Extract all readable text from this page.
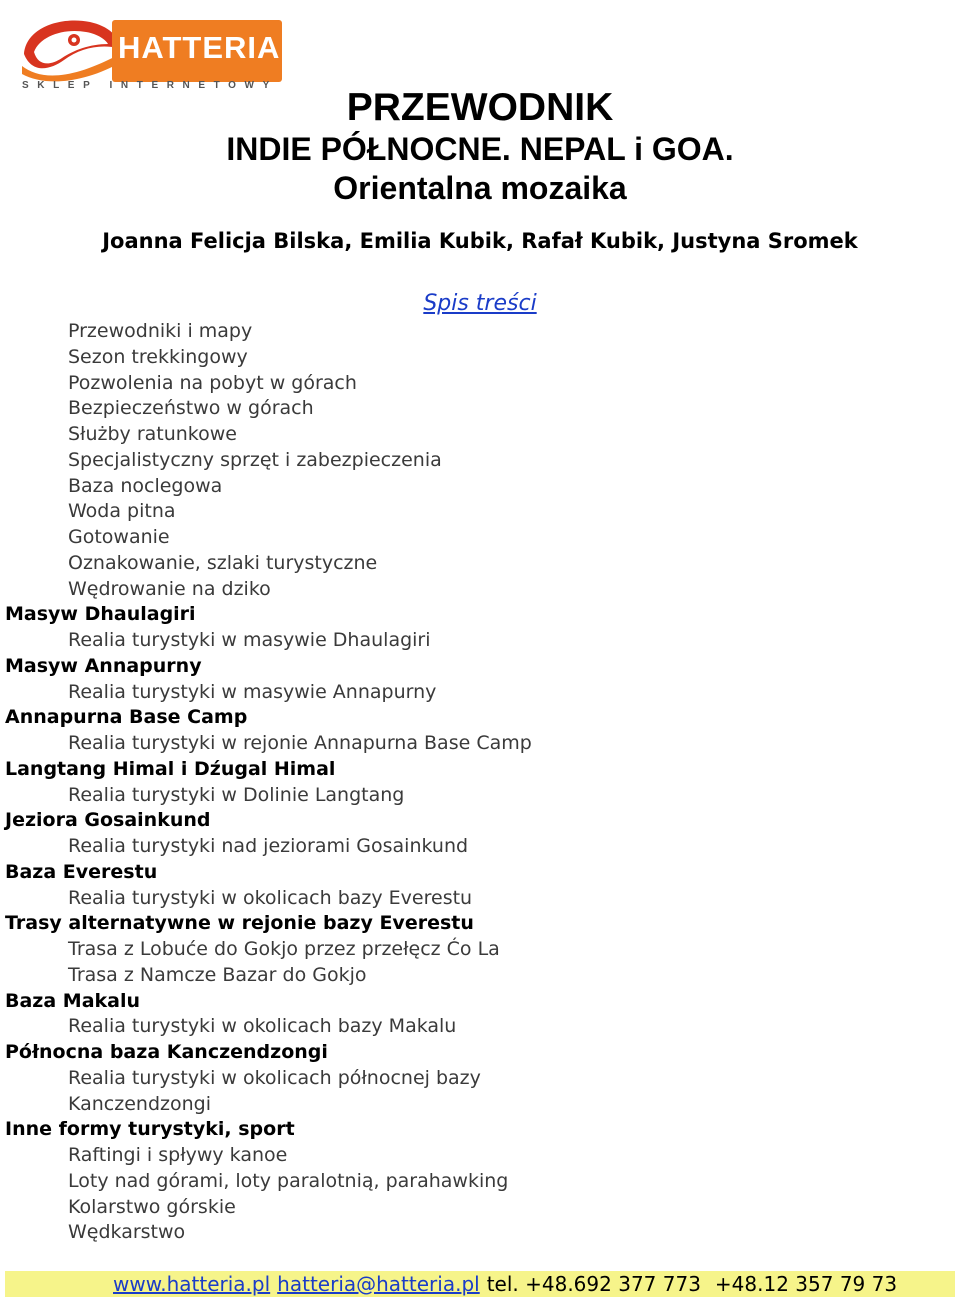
HATTERIA
SKLEP INTERNETOWY
PRZEWODNIK
INDIE PÓŁNOCNE. NEPAL i GOA.
Orientalna mozaika
Joanna Felicja Bilska, Emilia Kubik, Rafał Kubik, Justyna Sromek
Spis treści
Przewodniki i mapy
Sezon trekkingowy
Pozwolenia na pobyt w górach
Bezpieczeństwo w górach
Służby ratunkowe
Specjalistyczny sprzęt i zabezpieczenia
Baza noclegowa
Woda pitna
Gotowanie
Oznakowanie, szlaki turystyczne
Wędrowanie na dziko
Masyw Dhaulagiri
Realia turystyki w masywie Dhaulagiri
Masyw Annapurny
Realia turystyki w masywie Annapurny
Annapurna Base Camp
Realia turystyki w rejonie Annapurna Base Camp
Langtang Himal i Dźugal Himal
Realia turystyki w Dolinie Langtang
Jeziora Gosainkund
Realia turystyki nad jeziorami Gosainkund
Baza Everestu
Realia turystyki w okolicach bazy Everestu
Trasy alternatywne w rejonie bazy Everestu
Trasa z Lobuće do Gokjo przez przełęcz Ćo La
Trasa z Namcze Bazar do Gokjo
Baza Makalu
Realia turystyki w okolicach bazy Makalu
Północna baza Kanczendzongi
Realia turystyki w okolicach północnej bazy
Kanczendzongi
Inne formy turystyki, sport
Raftingi i spływy kanoe
Loty nad górami, loty paralotnią, parahawking
Kolarstwo górskie
Wędkarstwo
www.hatteria.pl hatteria@hatteria.pl tel. +48.692 377 773 +48.12 357 79 73
